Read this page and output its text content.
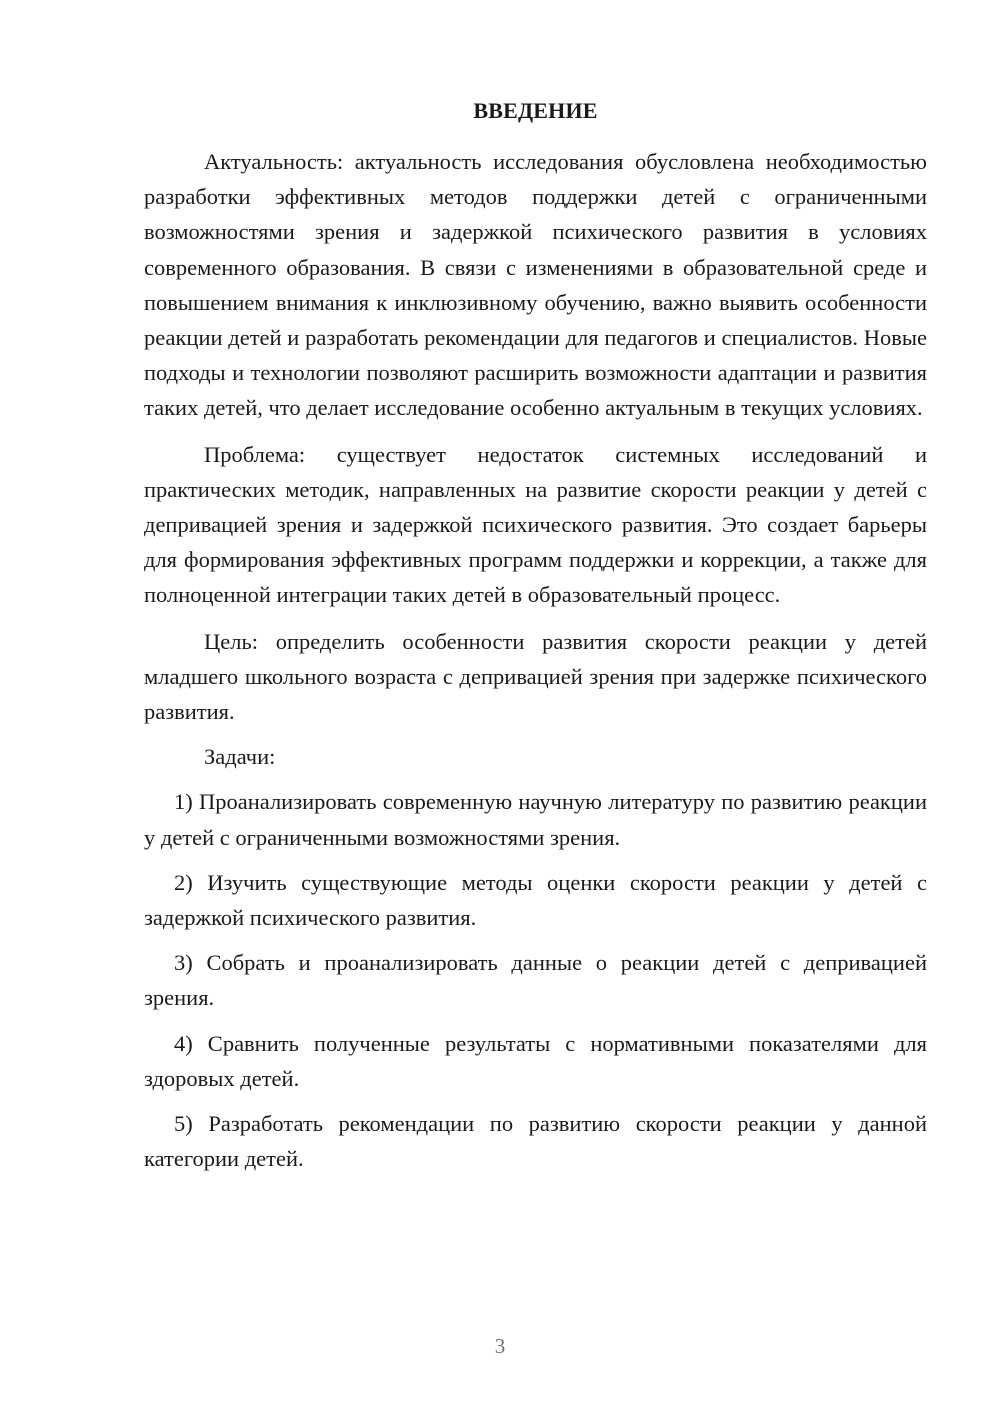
ВВЕДЕНИЕ

Актуальность: актуальность исследования обусловлена необходимостью разработки эффективных методов поддержки детей с ограниченными возможностями зрения и задержкой психического развития в условиях современного образования. В связи с изменениями в образовательной среде и повышением внимания к инклюзивному обучению, важно выявить особенности реакции детей и разработать рекомендации для педагогов и специалистов. Новые подходы и технологии позволяют расширить возможности адаптации и развития таких детей, что делает исследование особенно актуальным в текущих условиях.

Проблема: существует недостаток системных исследований и практических методик, направленных на развитие скорости реакции у детей с депривацией зрения и задержкой психического развития. Это создает барьеры для формирования эффективных программ поддержки и коррекции, а также для полноценной интеграции таких детей в образовательный процесс.

Цель: определить особенности развития скорости реакции у детей младшего школьного возраста с депривацией зрения при задержке психического развития.

Задачи:

1) Проанализировать современную научную литературу по развитию реакции у детей с ограниченными возможностями зрения.

2) Изучить существующие методы оценки скорости реакции у детей с задержкой психического развития.

3) Собрать и проанализировать данные о реакции детей с депривацией зрения.

4) Сравнить полученные результаты с нормативными показателями для здоровых детей.

5) Разработать рекомендации по развитию скорости реакции у данной категории детей.

3
